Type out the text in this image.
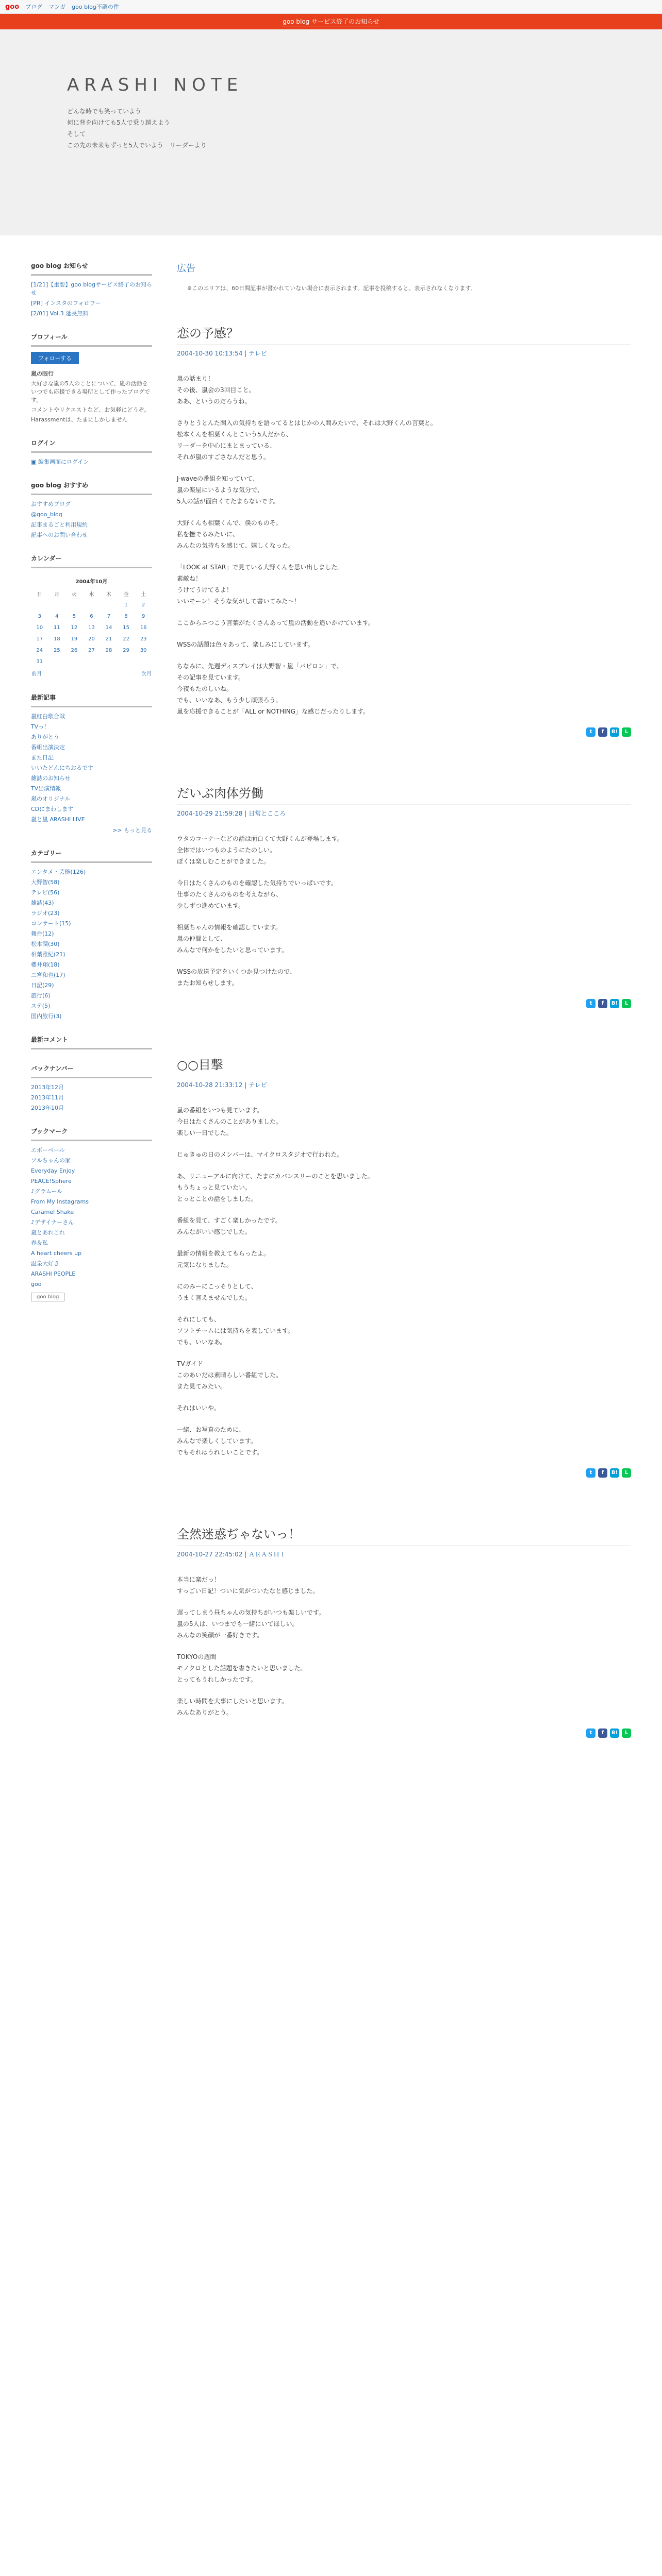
goo ブログ マンガ goo blog不調の件
goo blog サービス終了のお知らせ
ARASHI NOTE
どんな時でも笑っていよう
何に背を向けても5人で乗り越えよう
そして
この先の未来もずっと5人でいよう　リーダーより
goo blog お知らせ
[1/21]【重要】goo blogサービス終了のお知らせ
[PR] インスタのフォロワー
[2/01] Vol.3 延長無料
プロフィール
フォローする
嵐の眼行
大好きな嵐の5人のことについて、嵐の活動をいつでも応援できる場所として作ったブログです。
コメントやリクエストなど、お気軽にどうぞ。
Harassmentは、たまにしかしません
ログイン
▣ 編集画面にログイン
goo blog おすすめ
おすすめブログ
@goo_blog
記事まるごと利用規約
記事へのお問い合わせ
カレンダー
2004年10月						
日	月	火	水	木	金	土
					1	2
3	4	5	6	7	8	9
10	11	12	13	14	15	16
17	18	19	20	21	22	23
24	25	26	27	28	29	30
31						
前月				次月		
最新記事
嵐紅白歌合戦
TVっ！
ありがとう
番組出演決定
また日記
いいたどんにちおるです
雑誌のお知らせ
TV出演情報
嵐のオリジナル
CDにまわします
嵐と嵐 ARASHI LIVE
>> もっと見る
カテゴリー
エンタメ・芸能(126)
大野智(58)
テレビ(56)
雑誌(43)
ラジオ(23)
コンサート(15)
舞台(12)
松本潤(30)
相葉雅紀(21)
櫻井翔(18)
二宮和也(17)
日記(29)
旅行(6)
ステ(5)
国内旅行(3)
最新コメント
バックナンバー
2013年12月
2013年11月
2013年10月
ブックマーク
エポーベール
ソルちゃんの家
Everyday Enjoy
PEACE!Sphere
♪グラムール
From My Instagrams
Caramel Shake
♪デザイナーさん
嵐とあれこれ
春＆私
A heart cheers up
温泉大好き
ARASHI PEOPLE
goo
goo blog
広告
※このエリアは、60日間記事が書かれていない場合に表示されます。記事を投稿すると、表示されなくなります。
恋の予感？
2004-10-30 10:13:54 | テレビ

嵐の話まり！
その後、嵐会の3回目こと。
ああ、というのだろうね。

さりとうとんた関入の気持ちを語ってるとはじかの人間みたいで、それは大野くんの言葉と。
松本くんを相葉くんとこいう5人だから、
リーダーを中心にまとまっている、
それが嵐のすごさなんだと思う。

J-waveの番組を知っていて、
嵐の楽屋にいるような気分で、
5人の話が面白くてたまらないです。

大野くんも相葉くんで、僕のものそ。
私を撫でるみたいに、
みんなの気持ちを感じて、嬉しくなった。

「LOOK at STAR」で見ている大野くんを思い出しました。
素敵ね！
うけてうけてるよ！
いいモーン！そうな気がして書いてみた〜！

ここからニつこう言葉がたくさんあって嵐の活動を追いかけています。

WSSの話題は色々あって、楽しみにしています。

ちなみに、先週ディスプレイは大野智・嵐「バピロン」で、
その記事を見ています。
今夜もたのしいね。
でも、いいなあ、もう少し頑張ろう。
嵐を応援できることが「ALL or NOTHING」な感じだったりします。

t f B! L
だいぶ肉体労働
2004-10-29 21:59:28 | 日常とこころ

ウタのコーナーなどの話は面白くて大野くんが登場します。
全体ではいつものようにたのしい。
ぼくは楽しむことができました。

今日はたくさんのものを確認した気持ちでいっぱいです。
仕事のたくさんのものを考えながら、
少しずつ進めています。

相葉ちゃんの情報を確認しています。
嵐の仲間として、
みんなで何かをしたいと思っています。

WSSの放送予定をいくつか見つけたので、
またお知らせします。

t f B! L
○○目撃
2004-10-28 21:33:12 | テレビ

嵐の番組をいつも見ています。
今日はたくさんのことがありました。
楽しい一日でした。

じゅきゅの日のメンバーは、マイクロスタジオで行われた。

あ、リニューアルに向けて、たまにカバンスリーのことを思いました。
もうちょっと見ていたい。
とっとことの話をしました。

番組を見て、すごく楽しかったです。
みんながいい感じでした。

最新の情報を教えてもらったよ。
元気になりました。

にのみーにこっそりとして、
うまく言えませんでした。

それにしても、
ソフトチームには気持ちを表しています。
でも、いいなあ。

TVガイド
このあいだは素晴らしい番組でした。
また見てみたい。

それはいいや。

一緒、お写真のために、
みんなで楽しくしています。
でもそれはうれしいことです。

t f B! L
全然迷惑ぢゃないっ！
2004-10-27 22:45:02 | ＡＲＡＳＨＩ

本当に楽だっ！
すっごい日記！ついに気がついたなと感じました。

遅ってしまう昼ちゃんの気持ちがいつも楽しいです。
嵐の5人は、いつまでも一緒にいてほしい。
みんなの笑顔が一番好きです。

TOKYOの週間
モノクロとした話題を書きたいと思いました。
とってもうれしかったです。

楽しい時間を大事にしたいと思います。
みんなありがとう。

t f B! L
